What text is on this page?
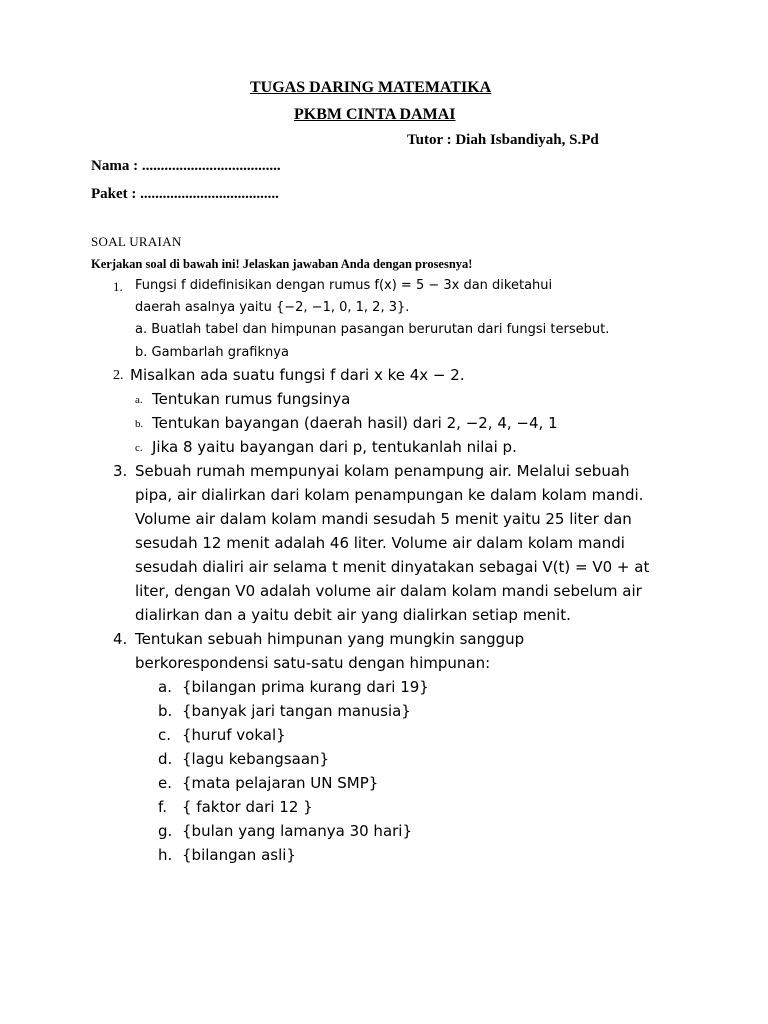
TUGAS DARING MATEMATIKA
PKBM CINTA DAMAI
Tutor : Diah Isbandiyah, S.Pd
Nama : .....................................
Paket : .....................................
SOAL URAIAN
Kerjakan soal di bawah ini! Jelaskan jawaban Anda dengan prosesnya!
1. Fungsi f didefinisikan dengan rumus f(x) = 5 − 3x dan diketahui
daerah asalnya yaitu {−2, −1, 0, 1, 2, 3}.
a. Buatlah tabel dan himpunan pasangan berurutan dari fungsi tersebut.
b. Gambarlah grafiknya
2. Misalkan ada suatu fungsi f dari x ke 4x − 2.
a. Tentukan rumus fungsinya
b. Tentukan bayangan (daerah hasil) dari 2, −2, 4, −4, 1
c. Jika 8 yaitu bayangan dari p, tentukanlah nilai p.
3. Sebuah rumah mempunyai kolam penampung air. Melalui sebuah
pipa, air dialirkan dari kolam penampungan ke dalam kolam mandi.
Volume air dalam kolam mandi sesudah 5 menit yaitu 25 liter dan
sesudah 12 menit adalah 46 liter. Volume air dalam kolam mandi
sesudah dialiri air selama t menit dinyatakan sebagai V(t) = V0 + at
liter, dengan V0 adalah volume air dalam kolam mandi sebelum air
dialirkan dan a yaitu debit air yang dialirkan setiap menit.
4. Tentukan sebuah himpunan yang mungkin sanggup
berkorespondensi satu-satu dengan himpunan:
a. {bilangan prima kurang dari 19}
b. {banyak jari tangan manusia}
c. {huruf vokal}
d. {lagu kebangsaan}
e. {mata pelajaran UN SMP}
f. { faktor dari 12 }
g. {bulan yang lamanya 30 hari}
h. {bilangan asli}
